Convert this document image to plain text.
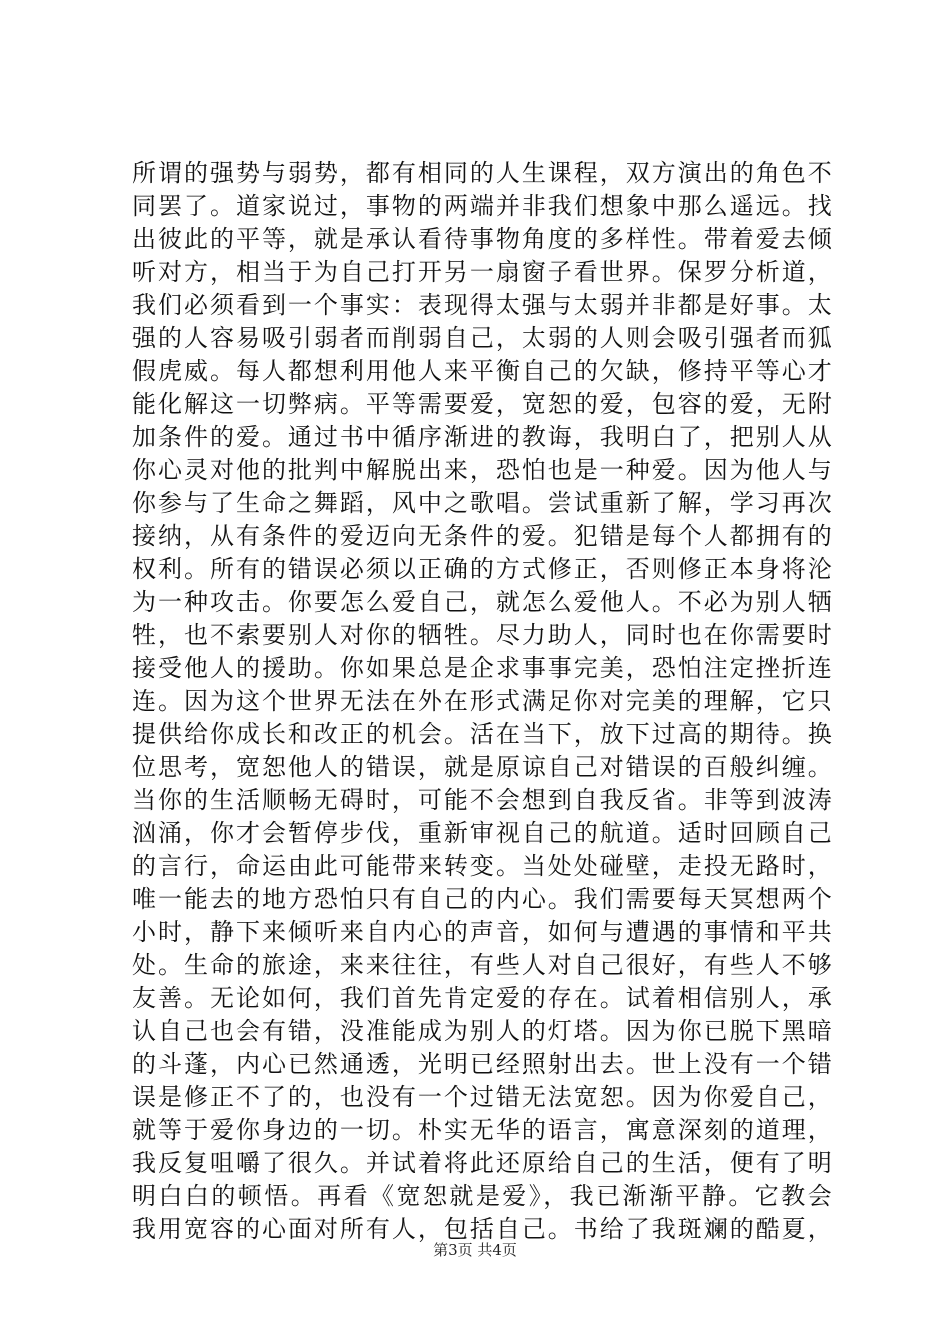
所谓的强势与弱势，都有相同的人生课程，双方演出的角色不
同罢了。道家说过，事物的两端并非我们想象中那么遥远。找
出彼此的平等，就是承认看待事物角度的多样性。带着爱去倾
听对方，相当于为自己打开另一扇窗子看世界。保罗分析道，
我们必须看到一个事实：表现得太强与太弱并非都是好事。太
强的人容易吸引弱者而削弱自己，太弱的人则会吸引强者而狐
假虎威。每人都想利用他人来平衡自己的欠缺，修持平等心才
能化解这一切弊病。平等需要爱，宽恕的爱，包容的爱，无附
加条件的爱。通过书中循序渐进的教诲，我明白了，把别人从
你心灵对他的批判中解脱出来，恐怕也是一种爱。因为他人与
你参与了生命之舞蹈，风中之歌唱。尝试重新了解，学习再次
接纳，从有条件的爱迈向无条件的爱。犯错是每个人都拥有的
权利。所有的错误必须以正确的方式修正，否则修正本身将沦
为一种攻击。你要怎么爱自己，就怎么爱他人。不必为别人牺
牲，也不索要别人对你的牺牲。尽力助人，同时也在你需要时
接受他人的援助。你如果总是企求事事完美，恐怕注定挫折连
连。因为这个世界无法在外在形式满足你对完美的理解，它只
提供给你成长和改正的机会。活在当下，放下过高的期待。换
位思考，宽恕他人的错误，就是原谅自己对错误的百般纠缠。
当你的生活顺畅无碍时，可能不会想到自我反省。非等到波涛
汹涌，你才会暂停步伐，重新审视自己的航道。适时回顾自己
的言行，命运由此可能带来转变。当处处碰壁，走投无路时，
唯一能去的地方恐怕只有自己的内心。我们需要每天冥想两个
小时，静下来倾听来自内心的声音，如何与遭遇的事情和平共
处。生命的旅途，来来往往，有些人对自己很好，有些人不够
友善。无论如何，我们首先肯定爱的存在。试着相信别人，承
认自己也会有错，没准能成为别人的灯塔。因为你已脱下黑暗
的斗蓬，内心已然通透，光明已经照射出去。世上没有一个错
误是修正不了的，也没有一个过错无法宽恕。因为你爱自己，
就等于爱你身边的一切。朴实无华的语言，寓意深刻的道理，
我反复咀嚼了很久。并试着将此还原给自己的生活，便有了明
明白白的顿悟。再看《宽恕就是爱》，我已渐渐平静。它教会
我用宽容的心面对所有人，包括自己。书给了我斑斓的酷夏，
第3页 共4页
